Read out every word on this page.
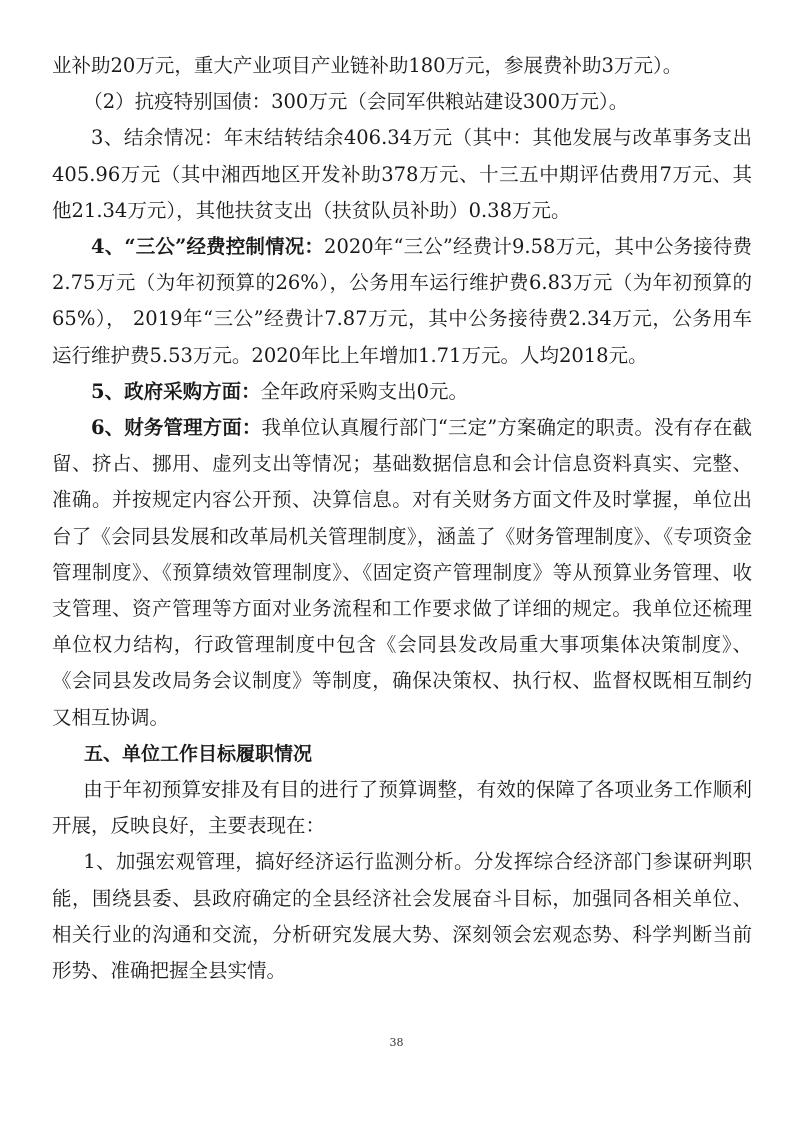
业补助20万元，重大产业项目产业链补助180万元，参展费补助3万元）。

（2）抗疫特别国债：300万元（会同军供粮站建设300万元）。

3、结余情况：年末结转结余406.34万元（其中：其他发展与改革事务支出405.96万元（其中湘西地区开发补助378万元、十三五中期评估费用7万元、其他21.34万元），其他扶贫支出（扶贫队员补助）0.38万元。

4、“三公”经费控制情况：2020年“三公”经费计9.58万元，其中公务接待费2.75万元（为年初预算的26%），公务用车运行维护费6.83万元（为年初预算的65%）， 2019年“三公”经费计7.87万元，其中公务接待费2.34万元，公务用车运行维护费5.53万元。2020年比上年增加1.71万元。人均2018元。

5、政府采购方面：全年政府采购支出0元。

6、财务管理方面：我单位认真履行部门“三定”方案确定的职责。没有存在截留、挤占、挪用、虚列支出等情况；基础数据信息和会计信息资料真实、完整、准确。并按规定内容公开预、决算信息。对有关财务方面文件及时掌握，单位出台了《会同县发展和改革局机关管理制度》，涵盖了《财务管理制度》、《专项资金管理制度》、《预算绩效管理制度》、《固定资产管理制度》等从预算业务管理、收支管理、资产管理等方面对业务流程和工作要求做了详细的规定。我单位还梳理单位权力结构，行政管理制度中包含《会同县发改局重大事项集体决策制度》、《会同县发改局务会议制度》等制度，确保决策权、执行权、监督权既相互制约又相互协调。

五、单位工作目标履职情况

由于年初预算安排及有目的进行了预算调整，有效的保障了各项业务工作顺利开展，反映良好，主要表现在：

1、加强宏观管理，搞好经济运行监测分析。分发挥综合经济部门参谋研判职能，围绕县委、县政府确定的全县经济社会发展奋斗目标，加强同各相关单位、相关行业的沟通和交流，分析研究发展大势、深刻领会宏观态势、科学判断当前形势、准确把握全县实情。

38
